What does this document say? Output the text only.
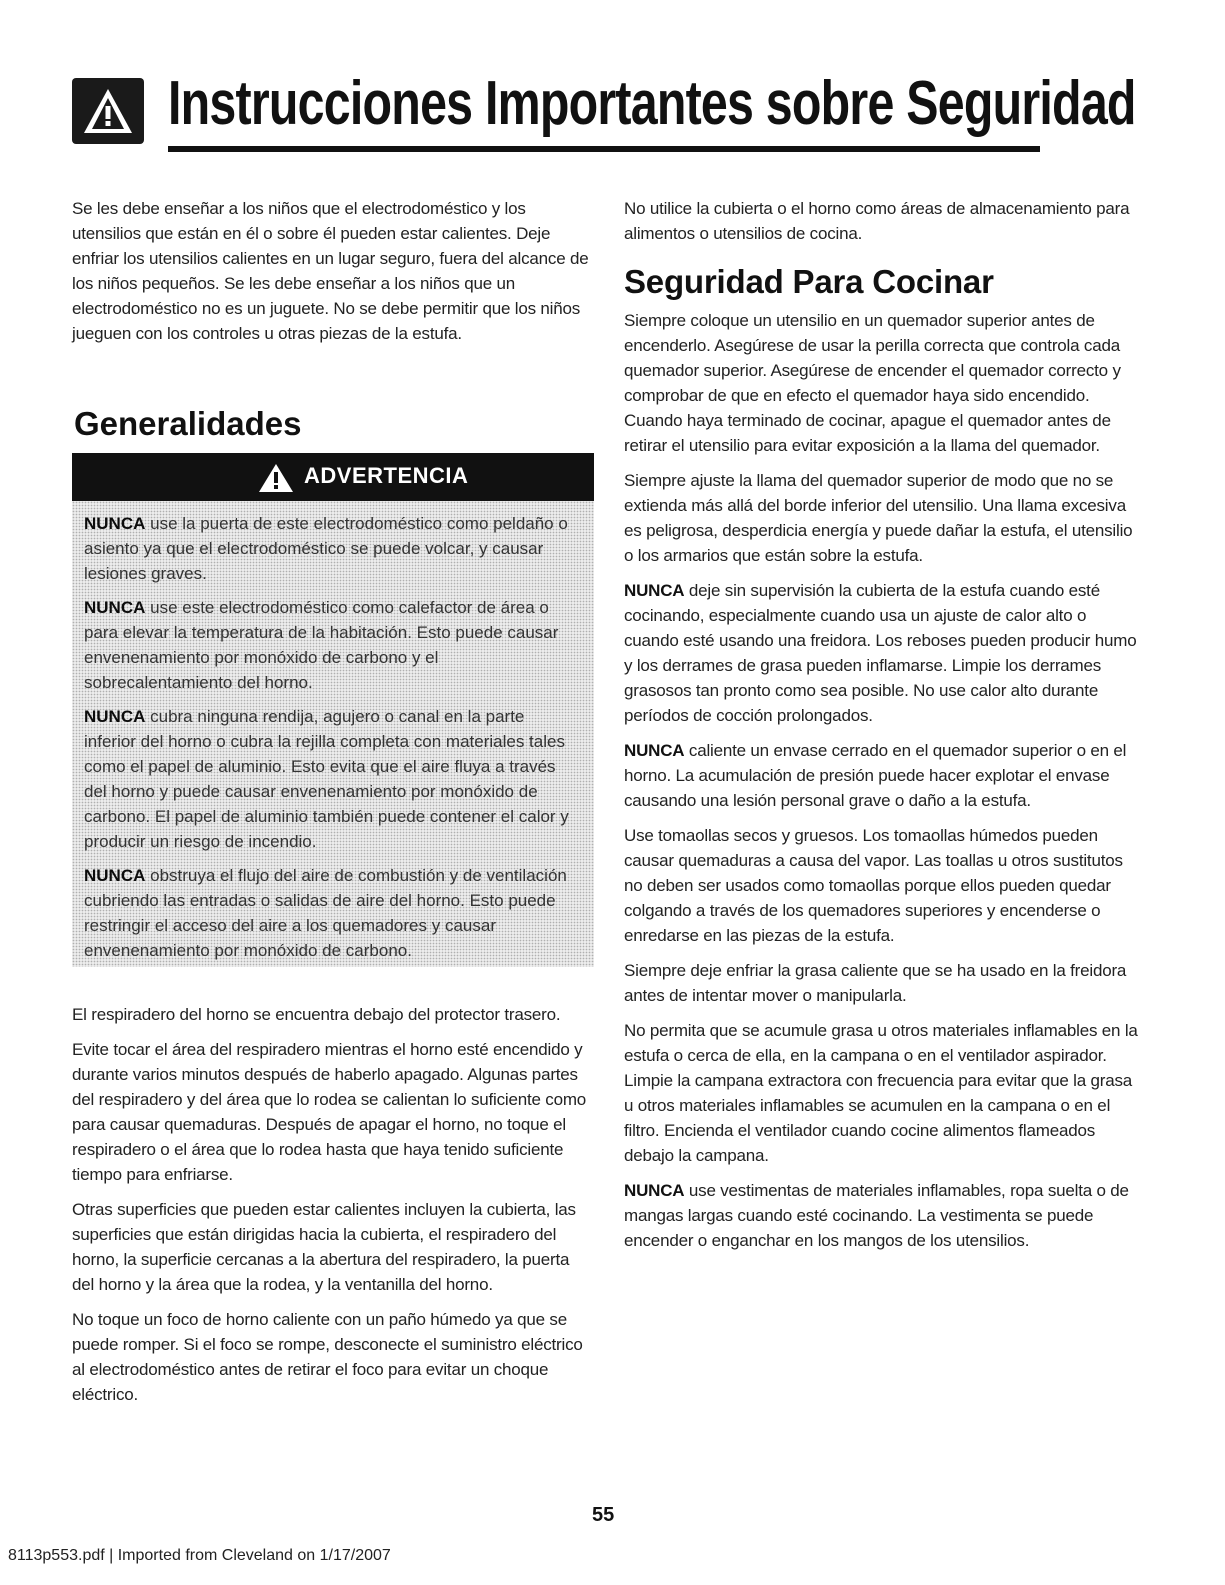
Instrucciones Importantes sobre Seguridad

Se les debe enseñar a los niños que el electrodoméstico y los utensilios que están en él o sobre él pueden estar calientes. Deje enfriar los utensilios calientes en un lugar seguro, fuera del alcance de los niños pequeños. Se les debe enseñar a los niños que un electrodoméstico no es un juguete. No se debe permitir que los niños jueguen con los controles u otras piezas de la estufa.

Generalidades
ADVERTENCIA

NUNCA use la puerta de este electrodoméstico como peldaño o asiento ya que el electrodoméstico se puede volcar, y causar lesiones graves.

NUNCA use este electrodoméstico como calefactor de área o para elevar la temperatura de la habitación. Esto puede causar envenenamiento por monóxido de carbono y el sobrecalentamiento del horno.

NUNCA cubra ninguna rendija, agujero o canal en la parte inferior del horno o cubra la rejilla completa con materiales tales como el papel de aluminio. Esto evita que el aire fluya a través del horno y puede causar envenenamiento por monóxido de carbono. El papel de aluminio también puede contener el calor y producir un riesgo de incendio.

NUNCA obstruya el flujo del aire de combustión y de ventilación cubriendo las entradas o salidas de aire del horno. Esto puede restringir el acceso del aire a los quemadores y causar envenenamiento por monóxido de carbono.

El respiradero del horno se encuentra debajo del protector trasero.

Evite tocar el área del respiradero mientras el horno esté encendido y durante varios minutos después de haberlo apagado. Algunas partes del respiradero y del área que lo rodea se calientan lo suficiente como para causar quemaduras. Después de apagar el horno, no toque el respiradero o el área que lo rodea hasta que haya tenido suficiente tiempo para enfriarse.

Otras superficies que pueden estar calientes incluyen la cubierta, las superficies que están dirigidas hacia la cubierta, el respiradero del horno, la superficie cercanas a la abertura del respiradero, la puerta del horno y la área que la rodea, y la ventanilla del horno.

No toque un foco de horno caliente con un paño húmedo ya que se puede romper. Si el foco se rompe, desconecte el suministro eléctrico al electrodoméstico antes de retirar el foco para evitar un choque eléctrico.

No utilice la cubierta o el horno como áreas de almacenamiento para alimentos o utensilios de cocina.

Seguridad Para Cocinar

Siempre coloque un utensilio en un quemador superior antes de encenderlo. Asegúrese de usar la perilla correcta que controla cada quemador superior. Asegúrese de encender el quemador correcto y comprobar de que en efecto el quemador haya sido encendido. Cuando haya terminado de cocinar, apague el quemador antes de retirar el utensilio para evitar exposición a la llama del quemador.

Siempre ajuste la llama del quemador superior de modo que no se extienda más allá del borde inferior del utensilio. Una llama excesiva es peligrosa, desperdicia energía y puede dañar la estufa, el utensilio o los armarios que están sobre la estufa.

NUNCA deje sin supervisión la cubierta de la estufa cuando esté cocinando, especialmente cuando usa un ajuste de calor alto o cuando esté usando una freidora. Los reboses pueden producir humo y los derrames de grasa pueden inflamarse. Limpie los derrames grasosos tan pronto como sea posible. No use calor alto durante períodos de cocción prolongados.

NUNCA caliente un envase cerrado en el quemador superior o en el horno. La acumulación de presión puede hacer explotar el envase causando una lesión personal grave o daño a la estufa.

Use tomaollas secos y gruesos. Los tomaollas húmedos pueden causar quemaduras a causa del vapor. Las toallas u otros sustitutos no deben ser usados como tomaollas porque ellos pueden quedar colgando a través de los quemadores superiores y encenderse o enredarse en las piezas de la estufa.

Siempre deje enfriar la grasa caliente que se ha usado en la freidora antes de intentar mover o manipularla.

No permita que se acumule grasa u otros materiales inflamables en la estufa o cerca de ella, en la campana o en el ventilador aspirador. Limpie la campana extractora con frecuencia para evitar que la grasa u otros materiales inflamables se acumulen en la campana o en el filtro. Encienda el ventilador cuando cocine alimentos flameados debajo la campana.

NUNCA use vestimentas de materiales inflamables, ropa suelta o de mangas largas cuando esté cocinando. La vestimenta se puede encender o enganchar en los mangos de los utensilios.

55
8113p553.pdf | Imported from Cleveland on 1/17/2007
